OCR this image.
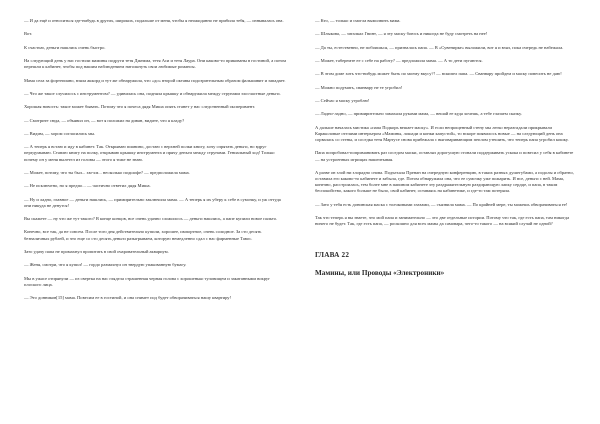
— И да ещё и относиться где-нибудь в других, широких, подальше от меня, чтобы я неожиданно не прибила тебя, — изнывалась она.

Вот.

К счастью, деньги нашлись очень быстро.

На следующий день у нас гостили мамины подруги тетя Джемма, тетя Аси и тетя Лаура. Они каково-то прикованы в гостиной, а потом перешли к кабинет, чтобы под нашим наблюдением натолкнуть свои любимые романсы.

Мама села за фортепиано, взяла аккорд и тут же обнаружила, что «до» второй октавы подозрительным образом фальшивит и западает.

— Что же такое случилось с инструментом? — удивилась она, подняла крышку и обнаружила между струнами злосчастные деньги.

Хорошая новость: такое может бывать. Потому что я почеса дядя Миша опять станет у нас следственный эксперимент.

— Смотрите сюда, — объявил он, — вот я положил на диван, видите, что я кладу?

— Видим, — хором согласились мы.

— А теперь я встаю и иду в кабинет. Так. Открываю пианино, достаю с верхней полки книгу, хочу спрятать деньги, но вдруг передумываю. Ставлю книгу на полку, открываю крышку инструмента и прячу деньги между струнами. Гениальный ход! Только почему он у меня вылетел из головы — этого я тоже не знаю.

— Может, потому, что ты был... хм-хм... несколько подшофе? — предположила мама.

— Не исключено, но я предпо... — частично ответил дядя Миша.

— Ну и ладно, главное — деньги нашлись, — примирительно заключила мама. — А теперь я их уберу к себе в сумочку, и уж оттуда они никуда не денутся!

Вы скажете — ну что же тут такого? В конце концов, все очень удачно сложилось — деньги нашлись, а папе купили новое пальто.

Конечно, все так, да не совсем. После того дня действительно купили, хорошее, импортное, очень солидное. За сто десять безналичных рублей, и что еще со сто десять деньги разыгрываем, которую немедленно сдал с нас фирменные Тавос.

Зато удачу папа не промахнул пропитать в свой очаровательный аквариум.

— Женя, смотри, что я купил! — гордо размахнул он твердую упакованную бумагу.

Мы в ужасе отпрянули — из свертка на нас глядела страшенная черная голова с хорошенько туловищем и закатанными вокруг плоского лица.

— Это донников[15] мама. Повесим ее в гостиной, и она снимет под будет обворачиваться нашу квартиру!

— Кто, — только и смогла вымолвить мама.

— Шлыкова, — заталкал Гвинт, — я эту маску боюсь и никогда не буду смотреть на нее!

— Да ты, естественно, не побоишься, — призналась папа. — В «Сувенирке» выложили, вот я и взял, пока очередь не набежала.

— Может, таберемте ее с себе на работу? — предложила мама. — А то дети пугаются.

— В этом доме хоть что-нибудь может быть по моему вкусу?! — вскипел папа. — Сванвару пройдем и маску повесить не даю!

— Можно подумать, сванвару не тe угробил!

— Сейчас я маску угроблю!

— Ладно-ладно, — примирительно замахала руками мама, — вешай ее куда хочешь, а тебе глазаем сказку.

А дальше началась мистика «папа Подкорь вешает маску». И если непрощенный стену мы легко неразгадали прикрывали Караколовые отелями интерьером «Мамины, лошади и конки капустой», то вскоре появилось новые — на следующий день она сорвалась со стены, и соседка тетя Мартусе снова прибежала с выговаривающим пеплом утешить, что теперь папа угробил кошку.

Папа попробовал-поприманивать раз соседом маски, оставлял дорогушую стонали поддерживать ускока и повесил у себя в кабинете — на устроенных игрищах нашептывая.

А разве он злой ни злорадно снова. Подъехала Пренан на очередную конференцию, в таких разных душегубами, а подолы и обратно, оставила его каково-то кабинете и забыла, где. Потом обнаружила она, что ее сумочку уже пожарить. И все, деньги с ней. Мама, конечно, расстроилась, тем более мне в папином кабинете эту раздражительную раздирающую лапку сердце, и папа, в таком беспокойство, какого больше не было, свой кабинет, оставаясь на кабинетике, и где-то там потеряла.

— Зато у тебя есть донинская маска с толчковыми глазами, — съязвила мама. — По крайней мере, ты можешь обворачиваться ее!

Так что теперь я вы знаете, что мой папа и занимательно — это две отдельные истории. Потому что так, где есть папа, там никогда ничего не будет. Так, где есть папа, — роскошно для всех мамы да самовара, чего-то такого — на всякий случай не одной?

ГЛАВА 22
Мамины, или Проводы «Электроники»
